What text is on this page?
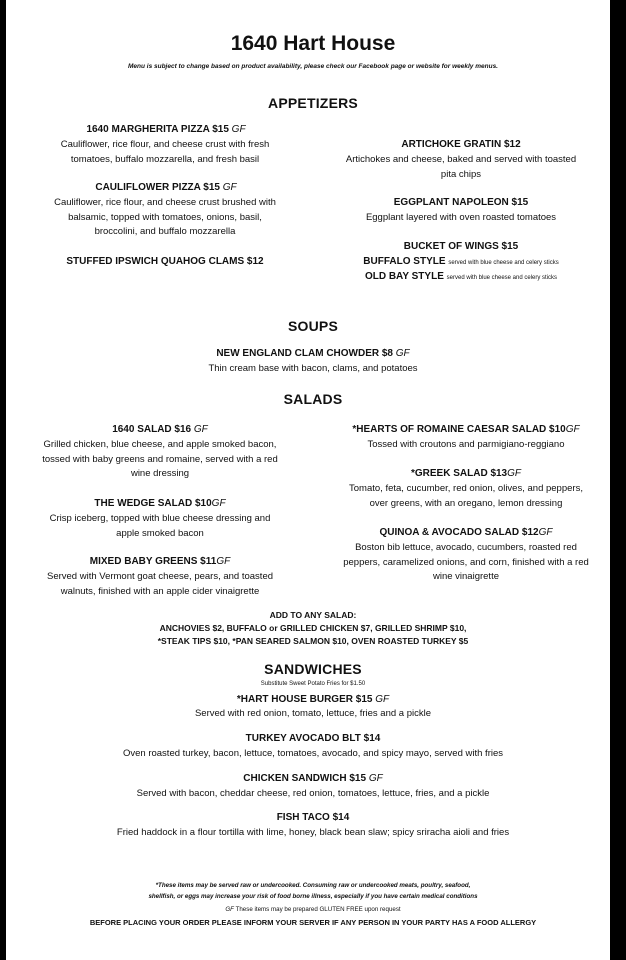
1640 Hart House
Menu is subject to change based on product availability, please check our Facebook page or website for weekly menus.
APPETIZERS
1640 MARGHERITA PIZZA $15 GF
Cauliflower, rice flour, and cheese crust with fresh
tomatoes, buffalo mozzarella, and fresh basil
CAULIFLOWER PIZZA $15 GF
Cauliflower, rice flour, and cheese crust brushed with
balsamic, topped with tomatoes, onions, basil,
broccolini, and buffalo mozzarella
STUFFED IPSWICH QUAHOG CLAMS $12
ARTICHOKE GRATIN $12
Artichokes and cheese, baked and served with toasted
pita chips
EGGPLANT NAPOLEON $15
Eggplant layered with oven roasted tomatoes
BUCKET OF WINGS $15
BUFFALO STYLE served with blue cheese and celery sticks
OLD BAY STYLE served with blue cheese and celery sticks
SOUPS
NEW ENGLAND CLAM CHOWDER $8 GF
Thin cream base with bacon, clams, and potatoes
SALADS
1640 SALAD $16 GF
Grilled chicken, blue cheese, and apple smoked bacon,
tossed with baby greens and romaine, served with a red
wine dressing
THE WEDGE SALAD $10GF
Crisp iceberg, topped with blue cheese dressing and
apple smoked bacon
MIXED BABY GREENS $11GF
Served with Vermont goat cheese, pears, and toasted
walnuts, finished with an apple cider vinaigrette
*HEARTS OF ROMAINE CAESAR SALAD $10GF
Tossed with croutons and parmigiano-reggiano
*GREEK SALAD $13GF
Tomato, feta, cucumber, red onion, olives, and peppers,
over greens, with an oregano, lemon dressing
QUINOA & AVOCADO SALAD $12GF
Boston bib lettuce, avocado, cucumbers, roasted red
peppers, caramelized onions, and corn, finished with a red
wine vinaigrette
ADD TO ANY SALAD:
ANCHOVIES $2, BUFFALO or GRILLED CHICKEN $7, GRILLED SHRIMP $10,
*STEAK TIPS $10, *PAN SEARED SALMON $10, OVEN ROASTED TURKEY $5
SANDWICHES
Substitute Sweet Potato Fries for $1.50
*HART HOUSE BURGER $15 GF
Served with red onion, tomato, lettuce, fries and a pickle
TURKEY AVOCADO BLT $14
Oven roasted turkey, bacon, lettuce, tomatoes, avocado, and spicy mayo, served with fries
CHICKEN SANDWICH $15 GF
Served with bacon, cheddar cheese, red onion, tomatoes, lettuce, fries, and a pickle
FISH TACO $14
Fried haddock in a flour tortilla with lime, honey, black bean slaw; spicy sriracha aioli and fries
*These items may be served raw or undercooked. Consuming raw or undercooked meats, poultry, seafood,
shellfish, or eggs may increase your risk of food borne illness, especially if you have certain medical conditions
GF These items may be prepared GLUTEN FREE upon request
BEFORE PLACING YOUR ORDER PLEASE INFORM YOUR SERVER IF ANY PERSON IN YOUR PARTY HAS A FOOD ALLERGY
